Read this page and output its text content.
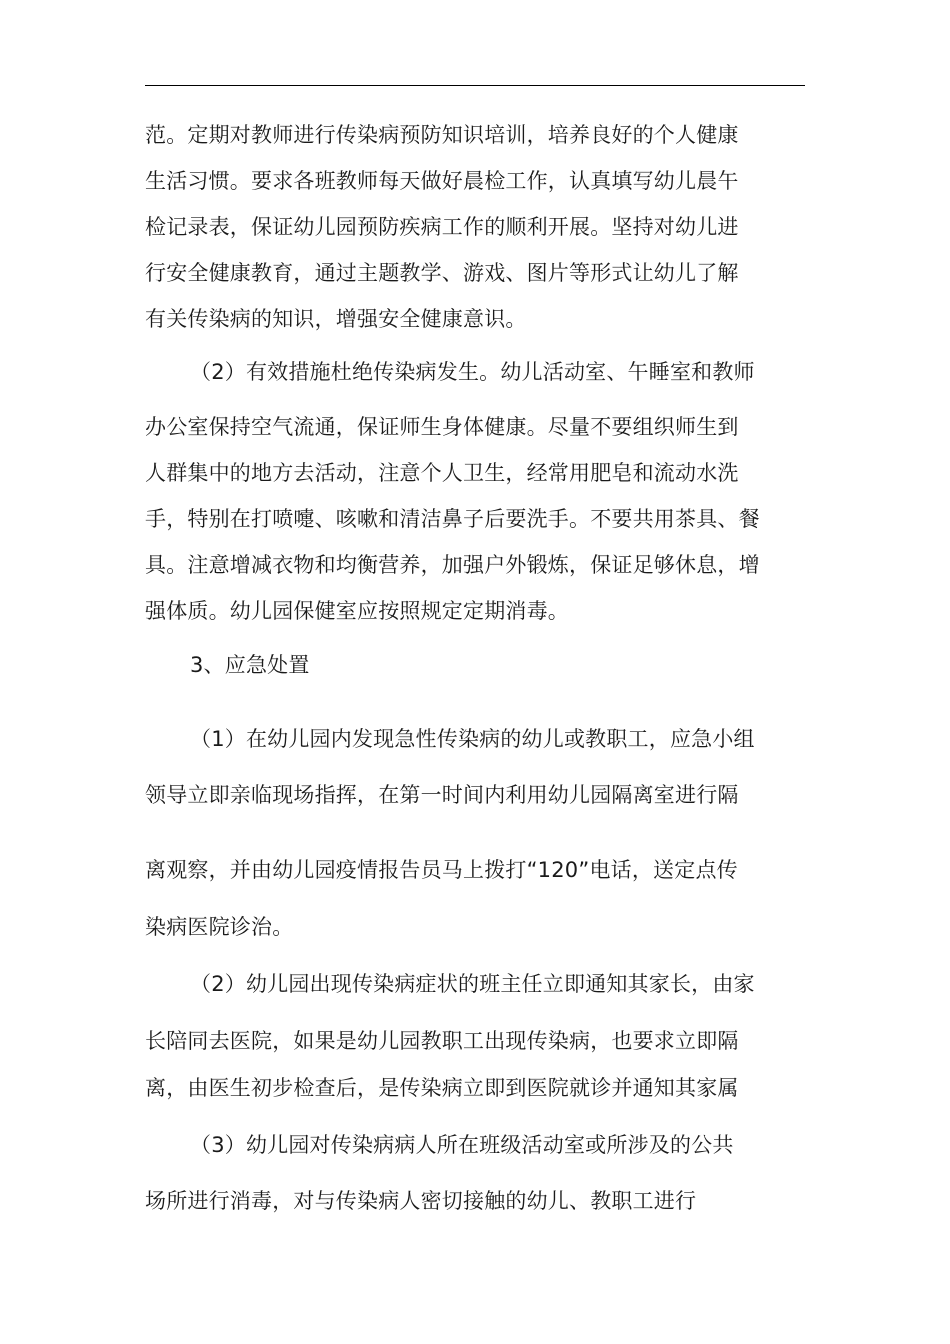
范。定期对教师进行传染病预防知识培训，培养良好的个人健康
生活习惯。要求各班教师每天做好晨检工作，认真填写幼儿晨午
检记录表，保证幼儿园预防疾病工作的顺利开展。坚持对幼儿进
行安全健康教育，通过主题教学、游戏、图片等形式让幼儿了解
有关传染病的知识，增强安全健康意识。
（2）有效措施杜绝传染病发生。幼儿活动室、午睡室和教师
办公室保持空气流通，保证师生身体健康。尽量不要组织师生到
人群集中的地方去活动，注意个人卫生，经常用肥皂和流动水洗
手，特别在打喷嚏、咳嗽和清洁鼻子后要洗手。不要共用茶具、餐
具。注意增减衣物和均衡营养，加强户外锻炼，保证足够休息，增
强体质。幼儿园保健室应按照规定定期消毒。
3、应急处置
（1）在幼儿园内发现急性传染病的幼儿或教职工，应急小组
领导立即亲临现场指挥，在第一时间内利用幼儿园隔离室进行隔
离观察，并由幼儿园疫情报告员马上拨打“120”电话，送定点传
染病医院诊治。
（2）幼儿园出现传染病症状的班主任立即通知其家长，由家
长陪同去医院，如果是幼儿园教职工出现传染病，也要求立即隔
离，由医生初步检查后，是传染病立即到医院就诊并通知其家属
（3）幼儿园对传染病病人所在班级活动室或所涉及的公共
场所进行消毒，对与传染病人密切接触的幼儿、教职工进行
